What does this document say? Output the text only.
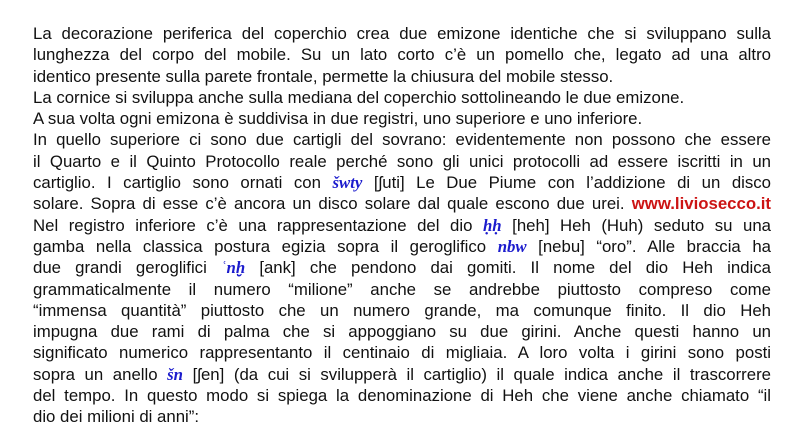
La decorazione periferica del coperchio crea due emizone identiche che si sviluppano sulla
lunghezza del corpo del mobile. Su un lato corto c’è un pomello che, legato ad una altro
identico presente sulla parete frontale, permette la chiusura del mobile stesso.
La cornice si sviluppa anche sulla mediana del coperchio sottolineando le due emizone.
A sua volta ogni emizona è suddivisa in due registri, uno superiore e uno inferiore.
In quello superiore ci sono due cartigli del sovrano: evidentemente non possono che essere
il Quarto e il Quinto Protocollo reale perché sono gli unici protocolli ad essere iscritti in un
cartiglio. I cartiglio sono ornati con šwty [ʃuti] Le Due Piume con l’addizione di un disco
solare. Sopra di esse c’è ancora un disco solare dal quale escono due urei. www.liviosecco.it
Nel registro inferiore c’è una rappresentazione del dio ḥḥ [heh] Heh (Huh) seduto su una
gamba nella classica postura egizia sopra il geroglifico nbw [nebu] “oro”. Alle braccia ha
due grandi geroglifici ʿnḫ [ank] che pendono dai gomiti. Il nome del dio Heh indica
grammaticalmente il numero “milione” anche se andrebbe piuttosto compreso come
“immensa quantità” piuttosto che un numero grande, ma comunque finito. Il dio Heh
impugna due rami di palma che si appoggiano su due girini. Anche questi hanno un
significato numerico rappresentanto il centinaio di migliaia. A loro volta i girini sono posti
sopra un anello šn [ʃen] (da cui si svilupperà il cartiglio) il quale indica anche il trascorrere
del tempo. In questo modo si spiega la denominazione di Heh che viene anche chiamato “il
dio dei milioni di anni”:
